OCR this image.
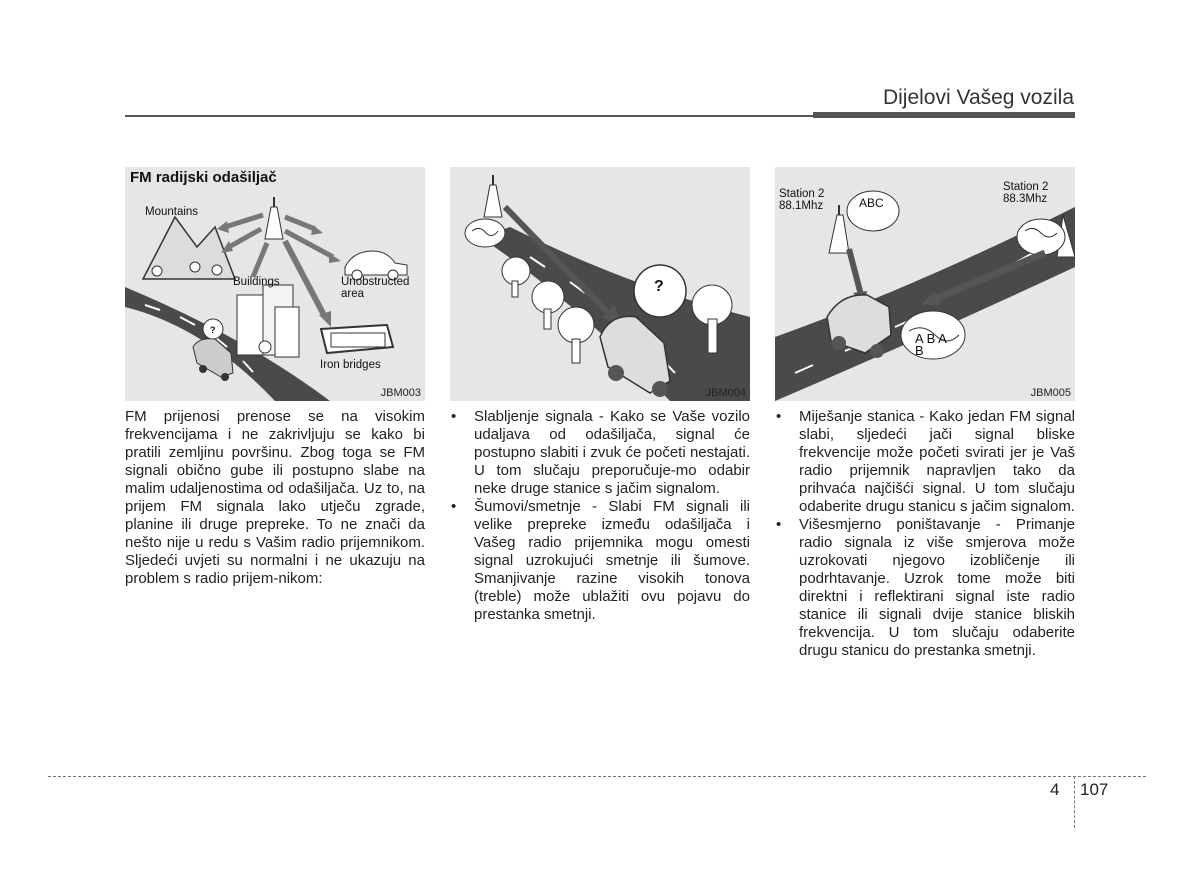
Dijelovi Vašeg vozila
FM radijski odašiljač
Mountains
Buildings	Unobstructed area
Iron bridges
?
JBM003
?
JBM004
Station 2 88.1Mhz
Station 2 88.3Mhz
ABC
A B A B
JBM005

FM prijenosi prenose se na visokim frekvencijama i ne zakrivljuju se kako bi pratili zemljinu površinu. Zbog toga se FM signali obično gube ili postupno slabe na malim udaljenostima od odašiljača. Uz to, na prijem FM signala lako utječu zgrade, planine ili druge prepreke. To ne znači da nešto nije u redu s Vašim radio prijemnikom. Sljedeći uvjeti su normalni i ne ukazuju na problem s radio prijem-nikom:

• Slabljenje signala - Kako se Vaše vozilo udaljava od odašiljača, signal će postupno slabiti i zvuk će početi nestajati. U tom slučaju preporučuje-mo odabir neke druge stanice s jačim signalom.
• Šumovi/smetnje - Slabi FM signali ili velike prepreke između odašiljača i Vašeg radio prijemnika mogu omesti signal uzrokujući smetnje ili šumove. Smanjivanje razine visokih tonova (treble) može ublažiti ovu pojavu do prestanka smetnji.
• Miješanje stanica - Kako jedan FM signal slabi, sljedeći jači signal bliske frekvencije može početi svirati jer je Vaš radio prijemnik napravljen tako da prihvaća najčišći signal. U tom slučaju odaberite drugu stanicu s jačim signalom.
• Višesmjerno poništavanje - Primanje radio signala iz više smjerova može uzrokovati njegovo izobličenje ili podrhtavanje. Uzrok tome može biti direktni i reflektirani signal iste radio stanice ili signali dvije stanice bliskih frekvencija. U tom slučaju odaberite drugu stanicu do prestanka smetnji.
4 107
